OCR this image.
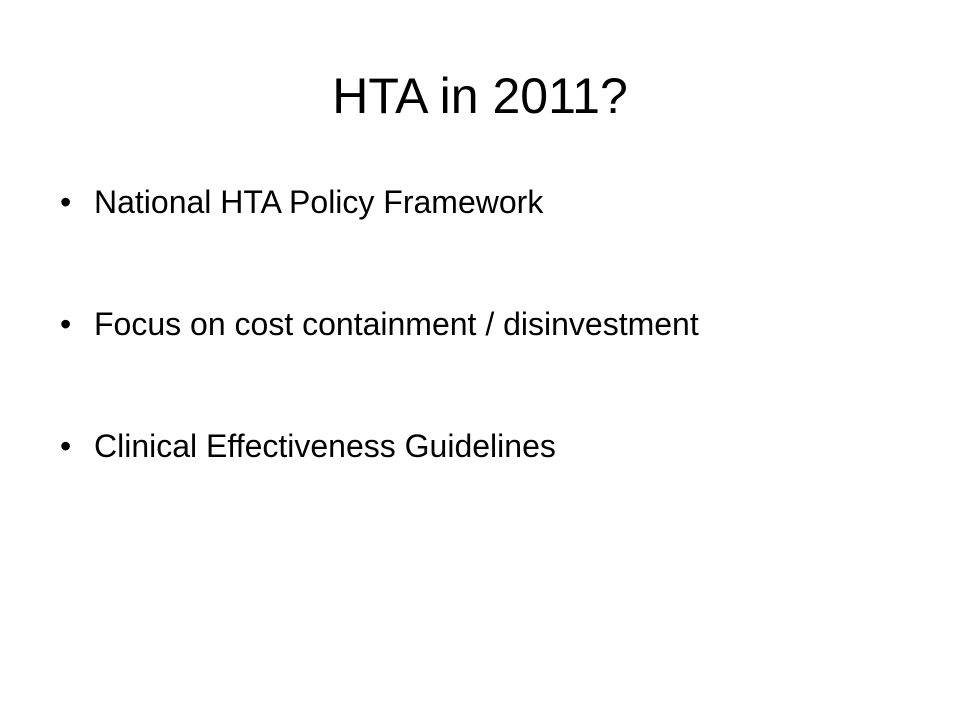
HTA in 2011?
• National HTA Policy Framework
• Focus on cost containment / disinvestment
• Clinical Effectiveness Guidelines
